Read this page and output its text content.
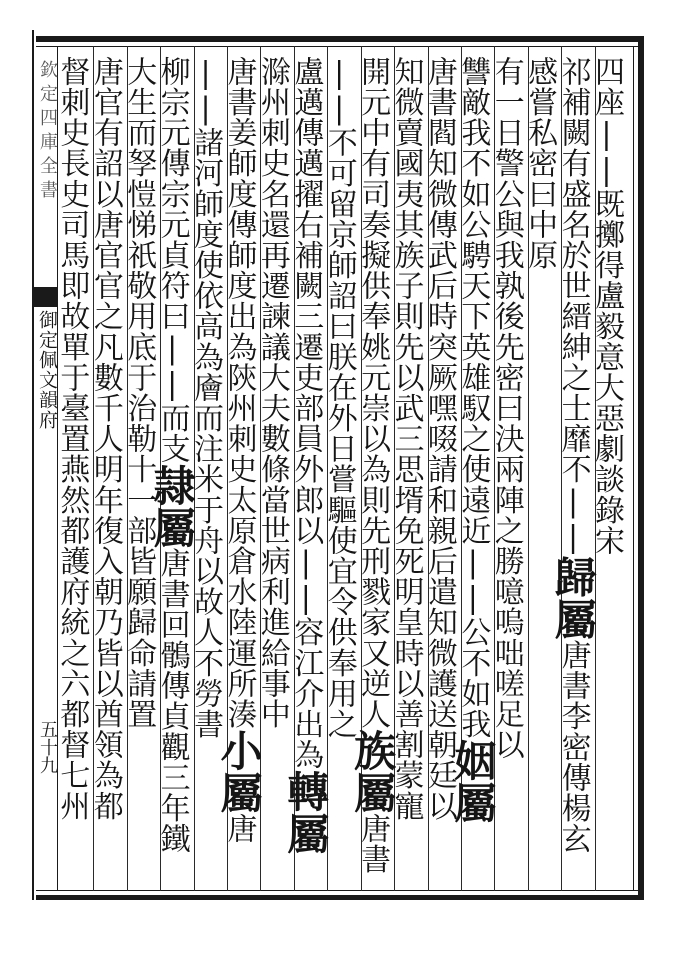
欽定四庫全書
御定佩文韻府
五十九
四座||既擲得盧毅意大惡劇談錄宋
祁補闕有盛名於世縉紳之士靡不||歸屬唐書李密傳楊玄
感嘗私密曰中原
有一日警公與我孰後先密曰決兩陣之勝噫嗚咄嗟足以
讐敵我不如公騁天下英雄馭之使遠近||公不如我姻屬
唐書閻知微傳武后時突厥嘿啜請和親后遣知微護送朝廷以
知微賣國夷其族子則先以武三思壻免死明皇時以善割蒙寵
開元中有司奏擬供奉姚元崇以為則先刑戮家又逆人族屬唐書
||不可留京師詔曰朕在外日嘗驅使宜令供奉用之
盧邁傳邁擢右補闕三遷吏部員外郎以||容江介出為轉屬
滁州刺史名還再遷諫議大夫數條當世病利進給事中
唐書姜師度傳師度出為陝州刺史太原倉水陸運所湊小屬唐
||諸河師度使依高為廥而注米于舟以故人不勞書
柳宗元傳宗元貞符曰||而支隷屬唐書回鶻傳貞觀三年鐵
大生而孥愷悌祇敬用底于治勒十一部皆願歸命請置
唐官有詔以唐官官之凡數千人明年復入朝乃皆以酋領為都
督刺史長史司馬即故單于臺置燕然都護府統之六都督七州
